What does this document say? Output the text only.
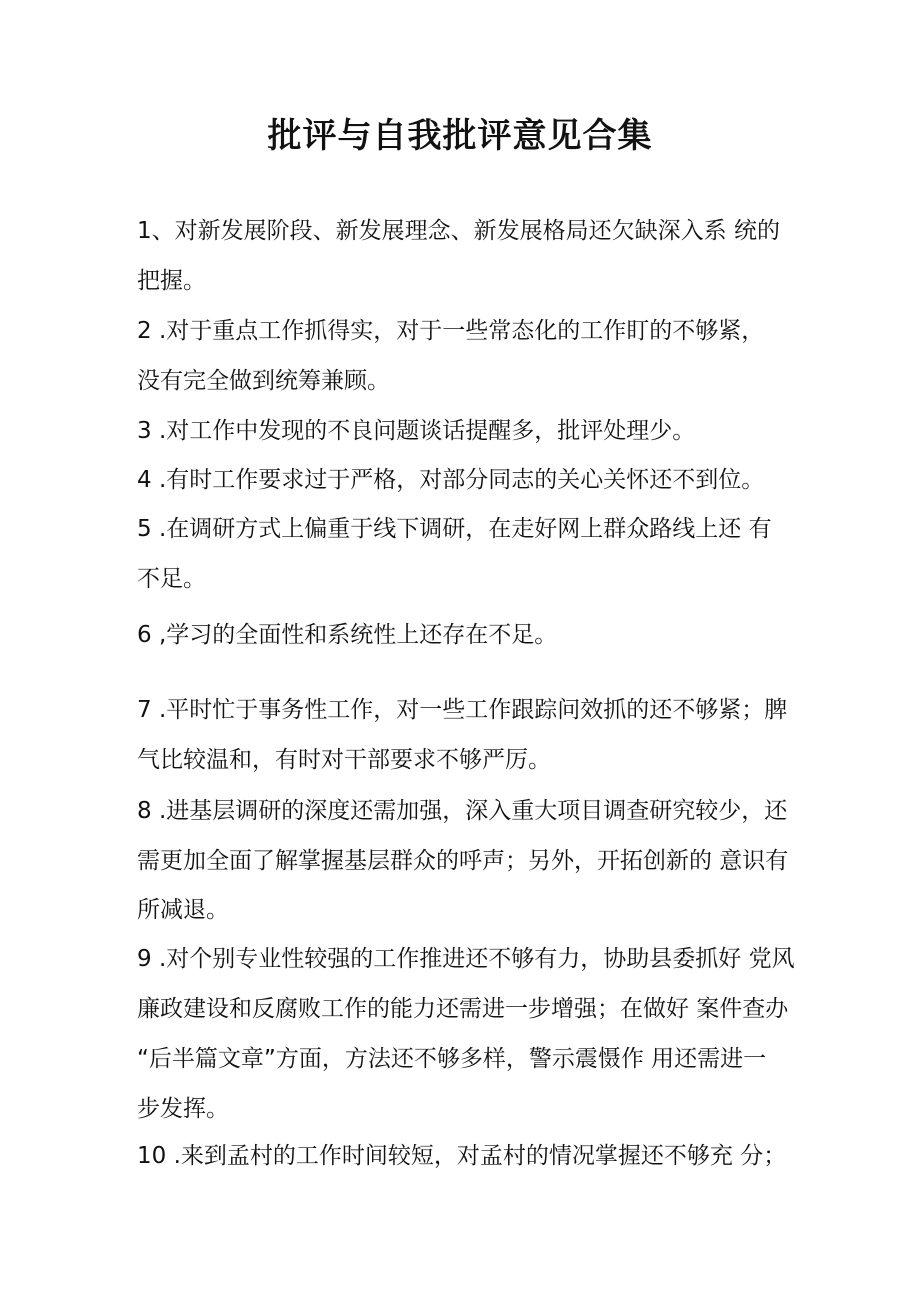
批评与自我批评意见合集
1、对新发展阶段、新发展理念、新发展格局还欠缺深入系 统的
把握。
2 .对于重点工作抓得实，对于一些常态化的工作盯的不够紧，
没有完全做到统筹兼顾。
3 .对工作中发现的不良问题谈话提醒多，批评处理少。
4 .有时工作要求过于严格，对部分同志的关心关怀还不到位。
5 .在调研方式上偏重于线下调研，在走好网上群众路线上还 有
不足。
6 ,学习的全面性和系统性上还存在不足。
7 .平时忙于事务性工作，对一些工作跟踪问效抓的还不够紧；脾
气比较温和，有时对干部要求不够严厉。
8 .进基层调研的深度还需加强，深入重大项目调查研究较少，还
需更加全面了解掌握基层群众的呼声；另外，开拓创新的 意识有
所减退。
9 .对个别专业性较强的工作推进还不够有力，协助县委抓好 党风
廉政建设和反腐败工作的能力还需进一步增强；在做好 案件查办
“后半篇文章”方面，方法还不够多样，警示震慑作 用还需进一
步发挥。
10 .来到孟村的工作时间较短，对孟村的情况掌握还不够充 分；
